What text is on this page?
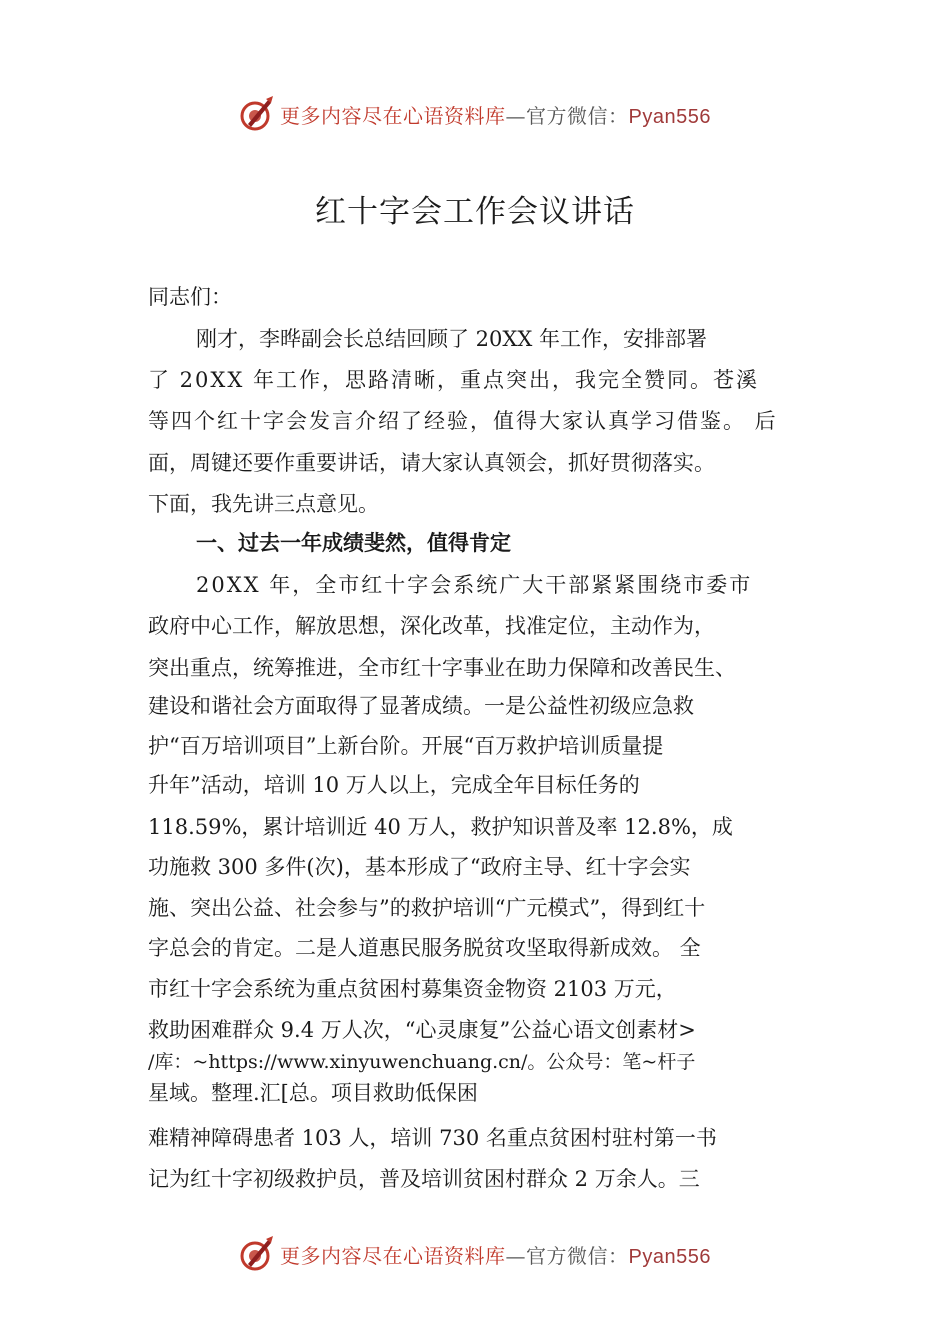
更多内容尽在心语资料库—官方微信：Pyan556
红十字会工作会议讲话
同志们：
刚才，李晔副会长总结回顾了 20XX 年工作，安排部署
了 20XX 年工作，思路清晰，重点突出，我完全赞同。苍溪
等四个红十字会发言介绍了经验，值得大家认真学习借鉴。 后
面，周键还要作重要讲话，请大家认真领会，抓好贯彻落实。
下面，我先讲三点意见。
一、过去一年成绩斐然，值得肯定
20XX 年，全市红十字会系统广大干部紧紧围绕市委市
政府中心工作，解放思想，深化改革，找准定位，主动作为，
突出重点，统筹推进，全市红十字事业在助力保障和改善民生、
建设和谐社会方面取得了显著成绩。一是公益性初级应急救
护“百万培训项目”上新台阶。开展“百万救护培训质量提
升年”活动，培训 10 万人以上，完成全年目标任务的
118.59%，累计培训近 40 万人，救护知识普及率 12.8%，成
功施救 300 多件(次)，基本形成了“政府主导、红十字会实
施、突出公益、社会参与”的救护培训“广元模式”，得到红十
字总会的肯定。二是人道惠民服务脱贫攻坚取得新成效。 全
市红十字会系统为重点贫困村募集资金物资 2103 万元，
救助困难群众 9.4 万人次，“心灵康复”公益心语文创素材>
/库：~https://www.xinyuwenchuang.cn/。公众号：笔~杆子
星域。整理.汇[总。项目救助低保困
难精神障碍患者 103 人，培训 730 名重点贫困村驻村第一书
记为红十字初级救护员，普及培训贫困村群众 2 万余人。三
更多内容尽在心语资料库—官方微信：Pyan556
